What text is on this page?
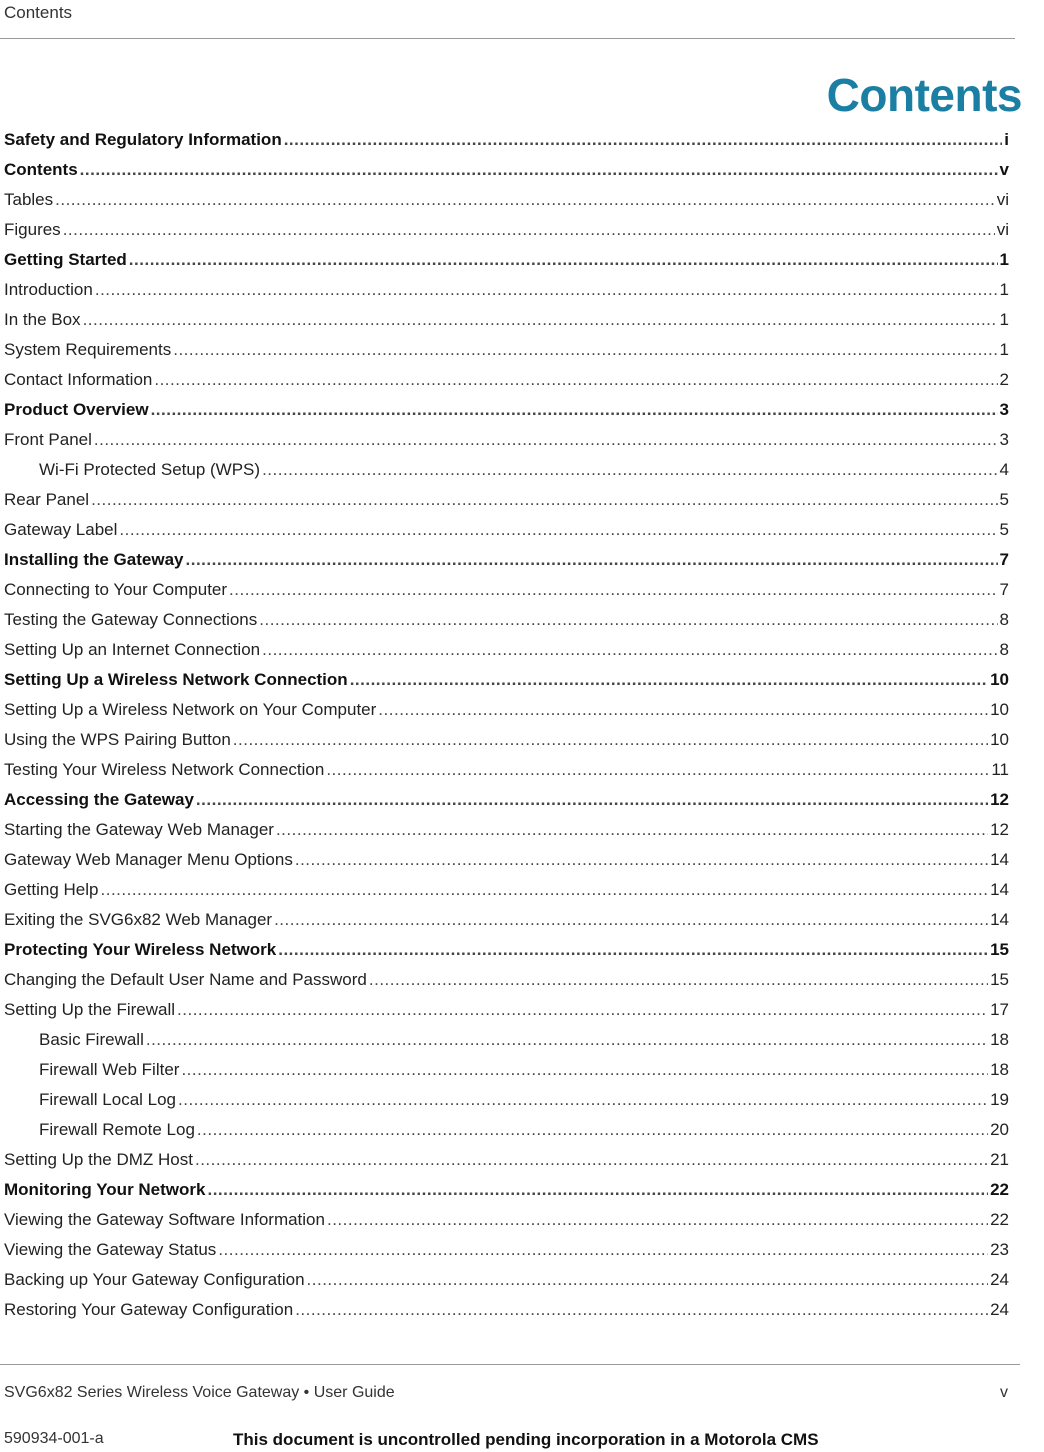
Contents
Contents
Safety and Regulatory Information .....	i
Contents .....	v
Tables .....	vi
Figures .....	vi
Getting Started .....	1
Introduction .....	1
In the Box .....	1
System Requirements .....	1
Contact Information .....	2
Product Overview .....	3
Front Panel .....	3
Wi-Fi Protected Setup (WPS) .....	4
Rear Panel .....	5
Gateway Label .....	5
Installing the Gateway .....	7
Connecting to Your Computer .....	7
Testing the Gateway Connections .....	8
Setting Up an Internet Connection .....	8
Setting Up a Wireless Network Connection .....	10
Setting Up a Wireless Network on Your Computer .....	10
Using the WPS Pairing Button .....	10
Testing Your Wireless Network Connection .....	11
Accessing the Gateway .....	12
Starting the Gateway Web Manager .....	12
Gateway Web Manager Menu Options .....	14
Getting Help .....	14
Exiting the SVG6x82 Web Manager .....	14
Protecting Your Wireless Network .....	15
Changing the Default User Name and Password .....	15
Setting Up the Firewall .....	17
Basic Firewall .....	18
Firewall Web Filter .....	18
Firewall Local Log .....	19
Firewall Remote Log .....	20
Setting Up the DMZ Host .....	21
Monitoring Your Network .....	22
Viewing the Gateway Software Information .....	22
Viewing the Gateway Status .....	23
Backing up Your Gateway Configuration .....	24
Restoring Your Gateway Configuration .....	24
SVG6x82 Series Wireless Voice Gateway • User Guide	v
590934-001-a	This document is uncontrolled pending incorporation in a Motorola CMS
